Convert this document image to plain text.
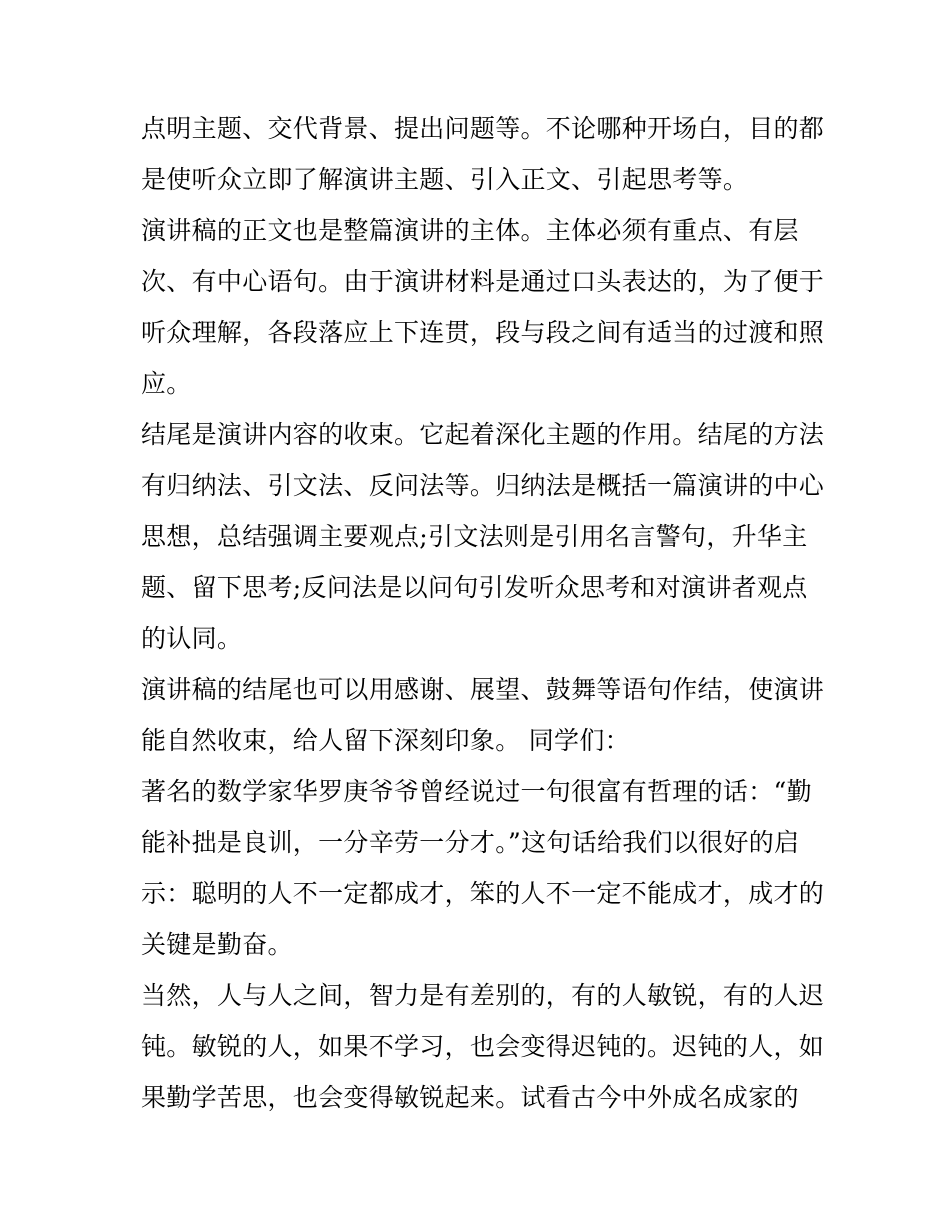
点明主题、交代背景、提出问题等。不论哪种开场白，目的都
是使听众立即了解演讲主题、引入正文、引起思考等。
演讲稿的正文也是整篇演讲的主体。主体必须有重点、有层
次、有中心语句。由于演讲材料是通过口头表达的，为了便于
听众理解，各段落应上下连贯，段与段之间有适当的过渡和照
应。
结尾是演讲内容的收束。它起着深化主题的作用。结尾的方法
有归纳法、引文法、反问法等。归纳法是概括一篇演讲的中心
思想，总结强调主要观点;引文法则是引用名言警句，升华主
题、留下思考;反问法是以问句引发听众思考和对演讲者观点
的认同。
演讲稿的结尾也可以用感谢、展望、鼓舞等语句作结，使演讲
能自然收束，给人留下深刻印象。 同学们：
著名的数学家华罗庚爷爷曾经说过一句很富有哲理的话：“勤
能补拙是良训，一分辛劳一分才。”这句话给我们以很好的启
示：聪明的人不一定都成才，笨的人不一定不能成才，成才的
关键是勤奋。
当然，人与人之间，智力是有差别的，有的人敏锐，有的人迟
钝。敏锐的人，如果不学习，也会变得迟钝的。迟钝的人，如
果勤学苦思，也会变得敏锐起来。试看古今中外成名成家的
